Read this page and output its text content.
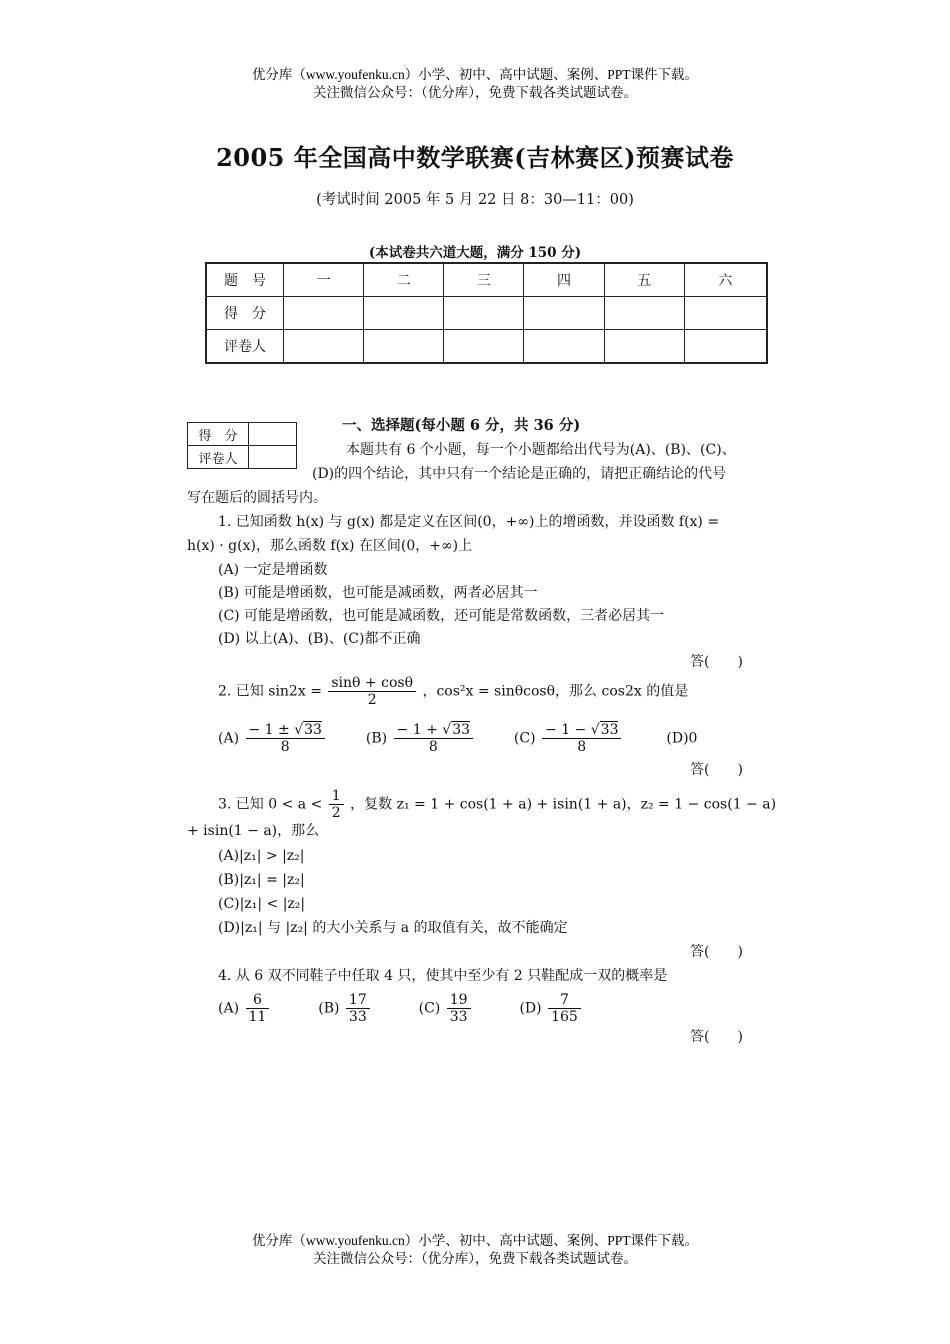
优分库（www.youfenku.cn）小学、初中、高中试题、案例、PPT课件下载。
关注微信公众号：（优分库），免费下载各类试题试卷。
2005 年全国高中数学联赛(吉林赛区)预赛试卷
(考试时间 2005 年 5 月 22 日 8：30—11：00)
(本试卷共六道大题，满分 150 分)
题　号	一	二	三	四	五	六
得　分						
评卷人						
得　分	
评卷人	
一、选择题(每小题 6 分，共 36 分)
本题共有 6 个小题，每一个小题都给出代号为(A)、(B)、(C)、
(D)的四个结论，其中只有一个结论是正确的，请把正确结论的代号
写在题后的圆括号内。
1. 已知函数 h(x) 与 g(x) 都是定义在区间(0，+∞)上的增函数，并设函数 f(x) =
h(x) · g(x)，那么函数 f(x) 在区间(0，+∞)上
(A) 一定是增函数
(B) 可能是增函数，也可能是减函数，两者必居其一
(C) 可能是增函数，也可能是减函数，还可能是常数函数，三者必居其一
(D) 以上(A)、(B)、(C)都不正确
答(　　)
2. 已知 $\sin 2x = \frac{\sin\theta + \cos\theta}{2}$ ，cos²x = sinθcosθ，那么 cos2x 的值是
$(A) \frac{- 1 \pm √33}{8}$	$(B) \frac{- 1 + √33}{8}$	$(C) \frac{- 1 - √33}{8}$	(D)0
答(　　)
3. 已知 $0 < a < \frac{1}{2}$ ，复数 z₁ = 1 + cos(1 + a) + isin(1 + a)，z₂ = 1 − cos(1 − a)
+ isin(1 − a)，那么
(A)|z₁| > |z₂|
(B)|z₁| = |z₂|
(C)|z₁| < |z₂|
(D)|z₁| 与 |z₂| 的大小关系与 a 的取值有关，故不能确定
答(　　)
4. 从 6 双不同鞋子中任取 4 只，使其中至少有 2 只鞋配成一双的概率是
$(A) \frac{6}{11}$	$(B) \frac{17}{33}$	$(C) \frac{19}{33}$	$(D) \frac{7}{165}$
答(　　)
优分库（www.youfenku.cn）小学、初中、高中试题、案例、PPT课件下载。
关注微信公众号：（优分库），免费下载各类试题试卷。
